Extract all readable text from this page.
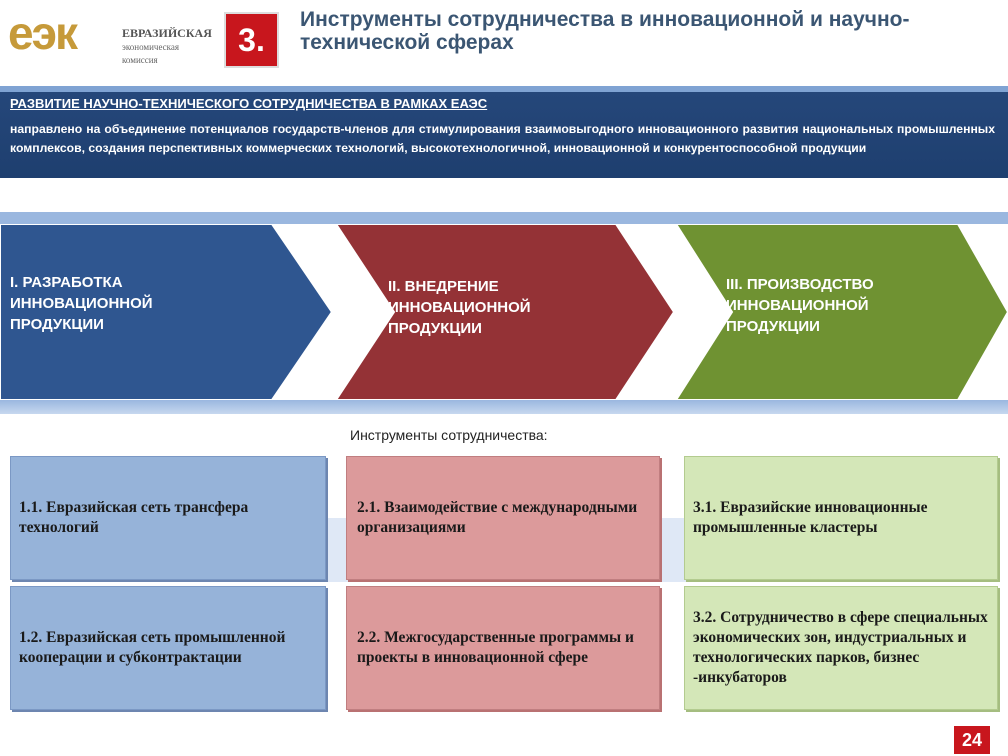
еэк	ЕВРАЗИЙСКАЯ
экономическая
комиссия
3.
Инструменты сотрудничества в инновационной и научно-технической сферах
РАЗВИТИЕ НАУЧНО-ТЕХНИЧЕСКОГО СОТРУДНИЧЕСТВА В РАМКАХ ЕАЭС
направлено на объединение потенциалов государств-членов для стимулирования взаимовыгодного инновационного развития национальных промышленных комплексов, создания перспективных коммерческих технологий, высокотехнологичной, инновационной и конкурентоспособной продукции
I. РАЗРАБОТКА
ИННОВАЦИОННОЙ
ПРОДУКЦИИ
II. ВНЕДРЕНИЕ
ИННОВАЦИОННОЙ
ПРОДУКЦИИ
III. ПРОИЗВОДСТВО
ИННОВАЦИОННОЙ
ПРОДУКЦИИ
Инструменты сотрудничества:
1.1. Евразийская сеть трансфера технологий
1.2. Евразийская сеть промышленной кооперации и субконтрактации
2.1. Взаимодействие с международными организациями
2.2. Межгосударственные программы и проекты в инновационной сфере
3.1. Евразийские инновационные промышленные кластеры
3.2. Сотрудничество в сфере специальных экономических зон, индустриальных и технологических парков, бизнес -инкубаторов
24
